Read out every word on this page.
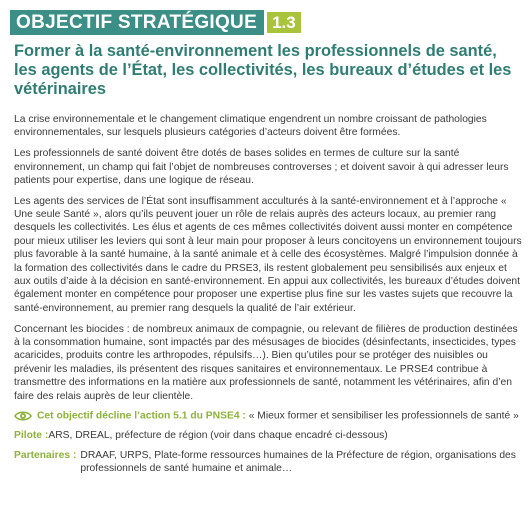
OBJECTIF STRATÉGIQUE 1.3
Former à la santé-environnement les professionnels de santé, les agents de l’État, les collectivités, les bureaux d’études et les vétérinaires

La crise environnementale et le changement climatique engendrent un nombre croissant de pathologies environnementales, sur lesquels plusieurs catégories d’acteurs doivent être formées.

Les professionnels de santé doivent être dotés de bases solides en termes de culture sur la santé environnement, un champ qui fait l’objet de nombreuses controverses ; et doivent savoir à qui adresser leurs patients pour expertise, dans une logique de réseau.

Les agents des services de l’État sont insuffisamment acculturés à la santé-environnement et à l’approche « Une seule Santé », alors qu’ils peuvent jouer un rôle de relais auprès des acteurs locaux, au premier rang desquels les collectivités. Les élus et agents de ces mêmes collectivités doivent aussi monter en compétence pour mieux utiliser les leviers qui sont à leur main pour proposer à leurs concitoyens un environnement toujours plus favorable à la santé humaine, à la santé animale et à celle des écosystèmes. Malgré l’impulsion donnée à la formation des collectivités dans le cadre du PRSE3, ils restent globalement peu sensibilisés aux enjeux et aux outils d’aide à la décision en santé-environnement. En appui aux collectivités, les bureaux d’études doivent également monter en compétence pour proposer une expertise plus fine sur les vastes sujets que recouvre la santé-environnement, au premier rang desquels la qualité de l’air extérieur.

Concernant les biocides : de nombreux animaux de compagnie, ou relevant de filières de production destinées à la consommation humaine, sont impactés par des mésusages de biocides (désinfectants, insecticides, types acaricides, produits contre les arthropodes, répulsifs…). Bien qu’utiles pour se protéger des nuisibles ou prévenir les maladies, ils présentent des risques sanitaires et environnementaux. Le PRSE4 contribue à transmettre des informations en la matière aux professionnels de santé, notamment les vétérinaires, afin d’en faire des relais auprès de leur clientèle.

Cet objectif décline l’action 5.1 du PNSE4 : « Mieux former et sensibiliser les professionnels de santé »
Pilote : ARS, DREAL, préfecture de région (voir dans chaque encadré ci-dessous)
Partenaires : DRAAF, URPS, Plate-forme ressources humaines de la Préfecture de région, organisations des professionnels de santé humaine et animale…
